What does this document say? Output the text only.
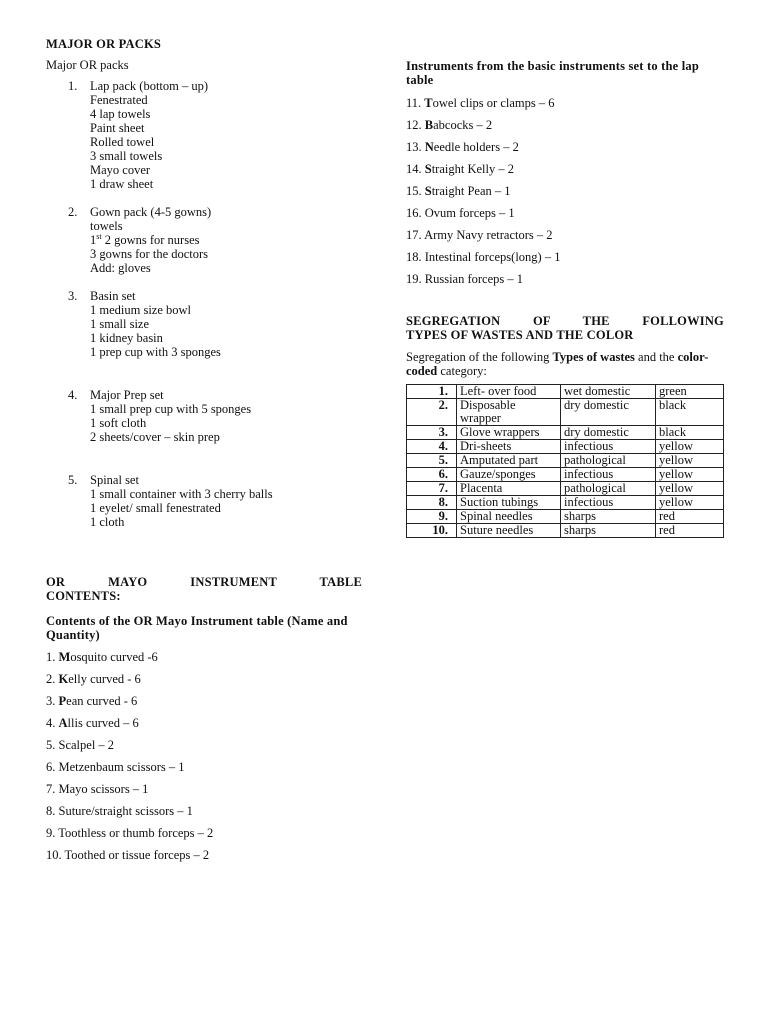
MAJOR OR PACKS
Major OR packs
1. Lap pack (bottom – up)
Fenestrated
4 lap towels
Paint sheet
Rolled towel
3 small towels
Mayo cover
1 draw sheet
2. Gown pack (4-5 gowns)
towels
1st 2 gowns for nurses
3 gowns for the doctors
Add: gloves
3. Basin set
1 medium size bowl
1 small size
1 kidney basin
1 prep cup with 3 sponges
4. Major Prep set
1 small prep cup with 5 sponges
1 soft cloth
2 sheets/cover – skin prep
5. Spinal set
1 small container with 3 cherry balls
1 eyelet/ small fenestrated
1 cloth
OR MAYO INSTRUMENT TABLE
CONTENTS:
Contents of the OR Mayo Instrument table (Name and Quantity)
1. Mosquito curved -6
2. Kelly curved - 6
3. Pean curved - 6
4. Allis curved – 6
5. Scalpel – 2
6. Metzenbaum scissors – 1
7. Mayo scissors – 1
8. Suture/straight scissors – 1
9. Toothless or thumb forceps – 2
10. Toothed or tissue forceps – 2
Instruments from the basic instruments set to the lap table
11. Towel clips or clamps – 6
12. Babcocks – 2
13. Needle holders – 2
14. Straight Kelly – 2
15. Straight Pean – 1
16. Ovum forceps – 1
17. Army Navy retractors – 2
18. Intestinal forceps(long) – 1
19. Russian forceps – 1
SEGREGATION OF THE FOLLOWING
TYPES OF WASTES AND THE COLOR
Segregation of the following Types of wastes and the color-coded category:
1.	Left- over food	wet domestic	green
2.	Disposable wrapper	dry domestic	black
3.	Glove wrappers	dry domestic	black
4.	Dri-sheets	infectious	yellow
5.	Amputated part	pathological	yellow
6.	Gauze/sponges	infectious	yellow
7.	Placenta	pathological	yellow
8.	Suction tubings	infectious	yellow
9.	Spinal needles	sharps	red
10.	Suture needles	sharps	red
